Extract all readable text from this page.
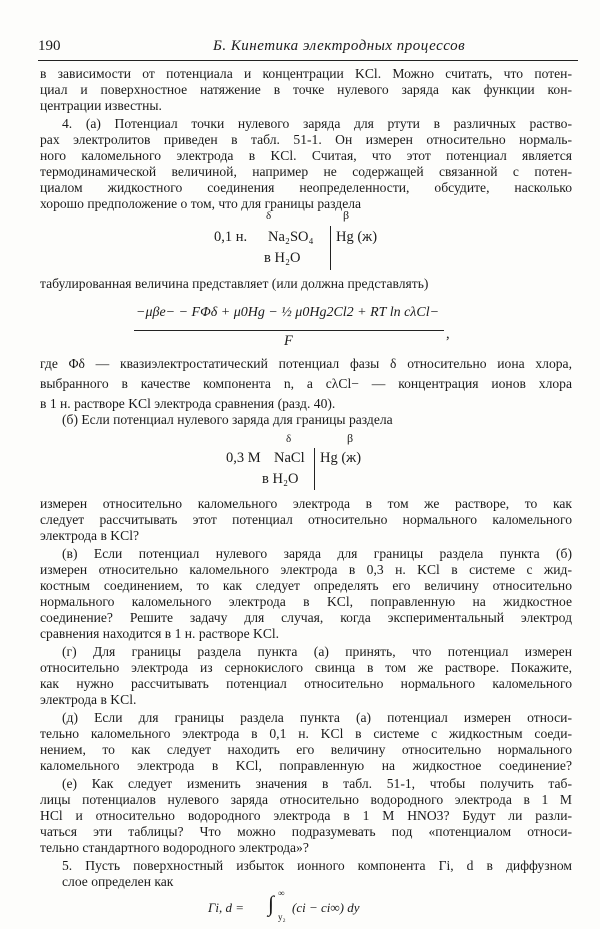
190	Б. Кинетика электродных процессов
в зависимости от потенциала и концентрации KCl. Можно считать, что потен-
циал и поверхностное натяжение в точке нулевого заряда как функции кон-
центрации известны.
4. (а) Потенциал точки нулевого заряда для ртути в различных раство-
рах электролитов приведен в табл. 51-1. Он измерен относительно нормаль-
ного каломельного электрода в KCl. Считая, что этот потенциал является
термодинамической величиной, например не содержащей связанной с потен-
циалом жидкостного соединения неопределенности, обсудите, насколько
хорошо предположение о том, что для границы раздела
δ	β
0,1 н. Na₂SO₄
в H₂O
Hg (ж)
табулированная величина представляет (или должна представлять)
−μβe− − FΦδ + μ0Hg − ½ μ0Hg2Cl2 + RT ln cλCl−
,
F
где Φδ — квазиэлектростатический потенциал фазы δ относительно иона хлора,
выбранного в качестве компонента n, а cλCl− — концентрация ионов хлора
в 1 н. растворе KCl электрода сравнения (разд. 40).
(б) Если потенциал нулевого заряда для границы раздела
δ	β
0,3 M NaCl
в H₂O
Hg (ж)
измерен относительно каломельного электрода в том же растворе, то как
следует рассчитывать этот потенциал относительно нормального каломельного
электрода в KCl?
(в) Если потенциал нулевого заряда для границы раздела пункта (б)
измерен относительно каломельного электрода в 0,3 н. KCl в системе с жид-
костным соединением, то как следует определять его величину относительно
нормального каломельного электрода в KCl, поправленную на жидкостное
соединение? Решите задачу для случая, когда экспериментальный электрод
сравнения находится в 1 н. растворе KCl.
(г) Для границы раздела пункта (а) принять, что потенциал измерен
относительно электрода из сернокислого свинца в том же растворе. Покажите,
как нужно рассчитывать потенциал относительно нормального каломельного
электрода в KCl.
(д) Если для границы раздела пункта (а) потенциал измерен относи-
тельно каломельного электрода в 0,1 н. KCl в системе с жидкостным соеди-
нением, то как следует находить его величину относительно нормального
каломельного электрода в KCl, поправленную на жидкостное соединение?
(е) Как следует изменить значения в табл. 51-1, чтобы получить таб-
лицы потенциалов нулевого заряда относительно водородного электрода в 1 M
HCl и относительно водородного электрода в 1 M HNO3? Будут ли разли-
чаться эти таблицы? Что можно подразумевать под «потенциалом относи-
тельно стандартного водородного электрода»?
5. Пусть поверхностный избыток ионного компонента Γi, d в диффузном
слое определен как
Γi, d = ∫ ∞
y₂
(ci − ci∞) dy
